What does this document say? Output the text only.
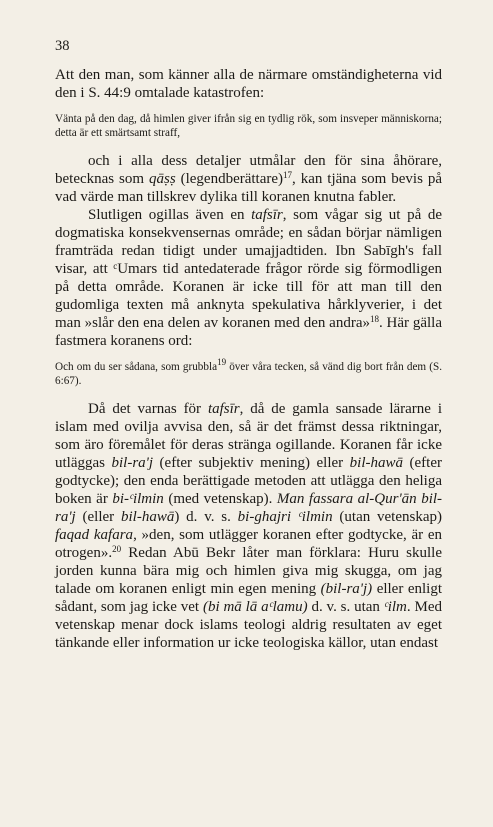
38

Att den man, som känner alla de närmare omständigheterna vid den i S. 44:9 omtalade katastrofen:

Vänta på den dag, då himlen giver ifrån sig en tydlig rök, som insveper människorna; detta är ett smärtsamt straff,

och i alla dess detaljer utmålar den för sina åhörare, betecknas som qāṣṣ (legendberättare)$^{17}$, kan tjäna som bevis på vad värde man tillskrev dylika till koranen knutna fabler.

Slutligen ogillas även en tafsīr, som vågar sig ut på de dogmatiska konsekvensernas område; en sådan börjar nämligen framträda redan tidigt under umajjadtiden. Ibn Sabīgh's fall visar, att ᶜUmars tid antedaterade frågor rörde sig förmodligen på detta område. Koranen är icke till för att man till den gudomliga texten må anknyta spekulativa hårklyverier, i det man »slår den ena delen av koranen med den andra»$^{18}$. Här gälla fastmera koranens ord:

Och om du ser sådana, som grubbla$^{19}$ över våra tecken, så vänd dig bort från dem (S. 6:67).

Då det varnas för tafsīr, då de gamla sansade lärarne i islam med ovilja avvisa den, så är det främst dessa riktningar, som äro föremålet för deras stränga ogillande. Koranen får icke utläggas bil-ra'j (efter subjektiv mening) eller bil-hawā (efter godtycke); den enda berättigade metoden att utlägga den heliga boken är bi-ᶜilmin (med vetenskap). Man fassara al-Qur'ān bil-ra'j (eller bil-hawā) d. v. s. bi-ghajri ᶜilmin (utan vetenskap) faqad kafara, »den, som utlägger koranen efter godtycke, är en otrogen».$^{20}$ Redan Abū Bekr låter man förklara: Huru skulle jorden kunna bära mig och himlen giva mig skugga, om jag talade om koranen enligt min egen mening (bil-ra'j) eller enligt sådant, som jag icke vet (bi mā lā aᶜlamu) d. v. s. utan ᶜilm. Med vetenskap menar dock islams teologi aldrig resultaten av eget tänkande eller information ur icke teologiska källor, utan endast
